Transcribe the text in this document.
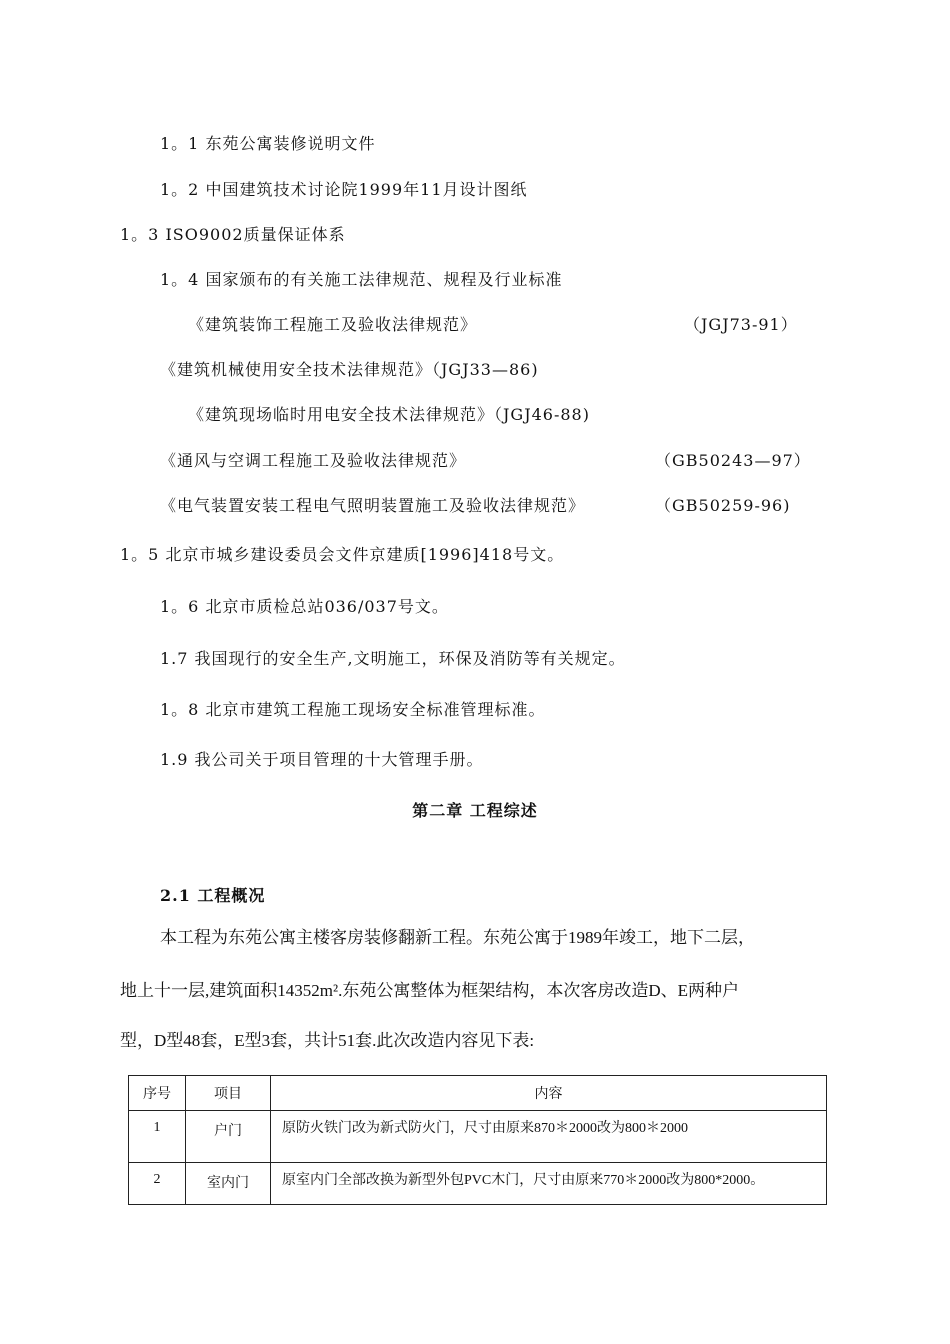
1。1 东苑公寓装修说明文件
1。2 中国建筑技术讨论院1999年11月设计图纸
1。3 ISO9002质量保证体系
1。4 国家颁布的有关施工法律规范、规程及行业标准
《建筑装饰工程施工及验收法律规范》	（JGJ73-91）
《建筑机械使用安全技术法律规范》（JGJ33—86)
《建筑现场临时用电安全技术法律规范》（JGJ46-88)
《通风与空调工程施工及验收法律规范》	（GB50243—97）
《电气装置安装工程电气照明装置施工及验收法律规范》	（GB50259-96)
1。5 北京市城乡建设委员会文件京建质[1996]418号文。
1。6 北京市质检总站036/037号文。
1.7 我国现行的安全生产,文明施工，环保及消防等有关规定。
1。8 北京市建筑工程施工现场安全标准管理标准。
1.9 我公司关于项目管理的十大管理手册。
第二章 工程综述
2.1 工程概况
本工程为东苑公寓主楼客房装修翻新工程。东苑公寓于1989年竣工，地下二层，
地上十一层,建筑面积14352m².东苑公寓整体为框架结构，本次客房改造D、E两种户
型，D型48套，E型3套，共计51套.此次改造内容见下表:
序号	项目	内容
1	户门	原防火铁门改为新式防火门，尺寸由原来870＊2000改为800＊2000
2	室内门	原室内门全部改换为新型外包PVC木门，尺寸由原来770＊2000改为800*2000。
